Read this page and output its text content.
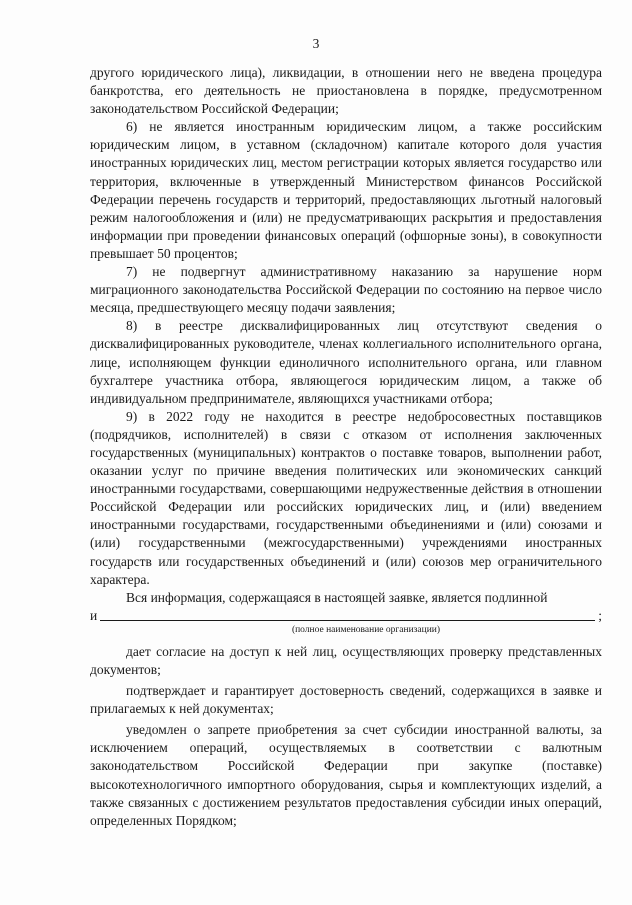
3

другого юридического лица), ликвидации, в отношении него не введена процедура банкротства, его деятельность не приостановлена в порядке, предусмотренном законодательством Российской Федерации;

6) не является иностранным юридическим лицом, а также российским юридическим лицом, в уставном (складочном) капитале которого доля участия иностранных юридических лиц, местом регистрации которых является государство или территория, включенные в утвержденный Министерством финансов Российской Федерации перечень государств и территорий, предоставляющих льготный налоговый режим налогообложения и (или) не предусматривающих раскрытия и предоставления информации при проведении финансовых операций (офшорные зоны), в совокупности превышает 50 процентов;

7) не подвергнут административному наказанию за нарушение норм миграционного законодательства Российской Федерации по состоянию на первое число месяца, предшествующего месяцу подачи заявления;

8) в реестре дисквалифицированных лиц отсутствуют сведения о дисквалифицированных руководителе, членах коллегиального исполнительного органа, лице, исполняющем функции единоличного исполнительного органа, или главном бухгалтере участника отбора, являющегося юридическим лицом, а также об индивидуальном предпринимателе, являющихся участниками отбора;

9) в 2022 году не находится в реестре недобросовестных поставщиков (подрядчиков, исполнителей) в связи с отказом от исполнения заключенных государственных (муниципальных) контрактов о поставке товаров, выполнении работ, оказании услуг по причине введения политических или экономических санкций иностранными государствами, совершающими недружественные действия в отношении Российской Федерации или российских юридических лиц, и (или) введением иностранными государствами, государственными объединениями и (или) союзами и (или) государственными (межгосударственными) учреждениями иностранных государств или государственных объединений и (или) союзов мер ограничительного характера.

Вся информация, содержащаяся в настоящей заявке, является подлинной

и	;

(полное наименование организации)

дает согласие на доступ к ней лиц, осуществляющих проверку представленных документов;

подтверждает и гарантирует достоверность сведений, содержащихся в заявке и прилагаемых к ней документах;

уведомлен о запрете приобретения за счет субсидии иностранной валюты, за исключением операций, осуществляемых в соответствии с валютным законодательством Российской Федерации при закупке (поставке) высокотехнологичного импортного оборудования, сырья и комплектующих изделий, а также связанных с достижением результатов предоставления субсидии иных операций, определенных Порядком;
